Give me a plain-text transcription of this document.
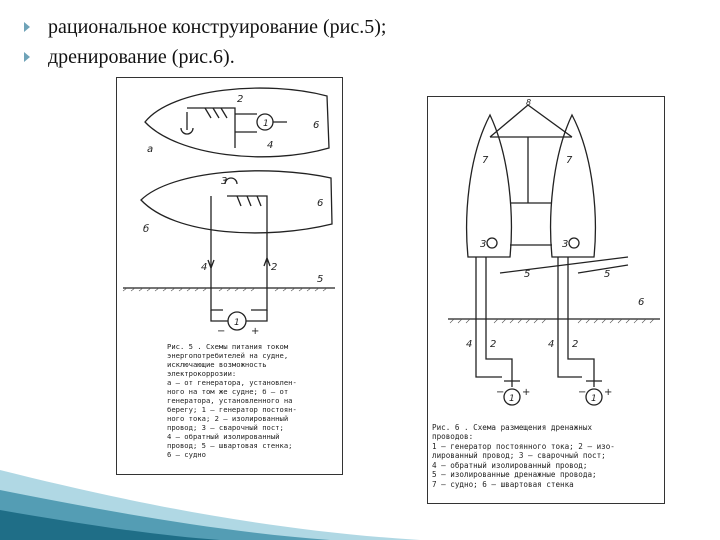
рациональное конструирование (рис.5);
дренирование (рис.6).
а
б
2
1
4
6
3
6
4	2
5
1
−	+
Рис. 5 . Схемы питания током
энергопотребителей на судне,
исключающие возможность
электрокоррозии:
а — от генератора, установлен-
ного на том же судне; б — от
генератора, установленного на
берегу; 1 — генератор постоян-
ного тока; 2 — изолированный
провод; 3 — сварочный пост;
4 — обратный изолированный
провод; 5 — швартовая стенка;
6 — судно
8
7	7
3	3
5	5
6
4 2	4 2
1	1
− +	− +
Рис. 6 . Схема размещения дренажных
проводов:
1 — генератор постоянного тока; 2 — изо-
лированный провод; 3 — сварочный пост;
4 — обратный изолированный провод;
5 — изолированные дренажные провода;
7 — судно; 6 — швартовая стенка
